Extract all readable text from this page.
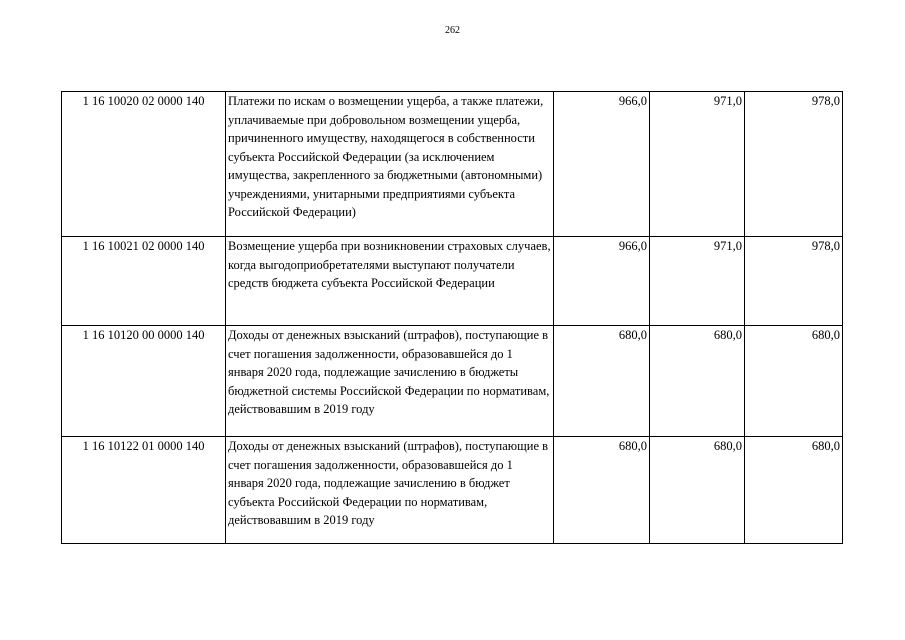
262
1 16 10020 02 0000 140	Платежи по искам о возмещении ущерба, а также платежи, уплачиваемые при добровольном возмещении ущерба, причиненного имуществу, находящегося в собственности субъекта Российской Федерации (за исключением имущества, закрепленного за бюджетными (автономными) учреждениями, унитарными предприятиями субъекта Российской Федерации)	966,0	971,0	978,0
1 16 10021 02 0000 140	Возмещение ущерба при возникновении страховых случаев, когда выгодоприобретателями выступают получатели средств бюджета субъекта Российской Федерации	966,0	971,0	978,0
1 16 10120 00 0000 140	Доходы от денежных взысканий (штрафов), поступающие в счет погашения задолженности, образовавшейся до 1 января 2020 года, подлежащие зачислению в бюджеты бюджетной системы Российской Федерации по нормативам, действовавшим в 2019 году	680,0	680,0	680,0
1 16 10122 01 0000 140	Доходы от денежных взысканий (штрафов), поступающие в счет погашения задолженности, образовавшейся до 1 января 2020 года, подлежащие зачислению в бюджет субъекта Российской Федерации по нормативам, действовавшим в 2019 году	680,0	680,0	680,0
